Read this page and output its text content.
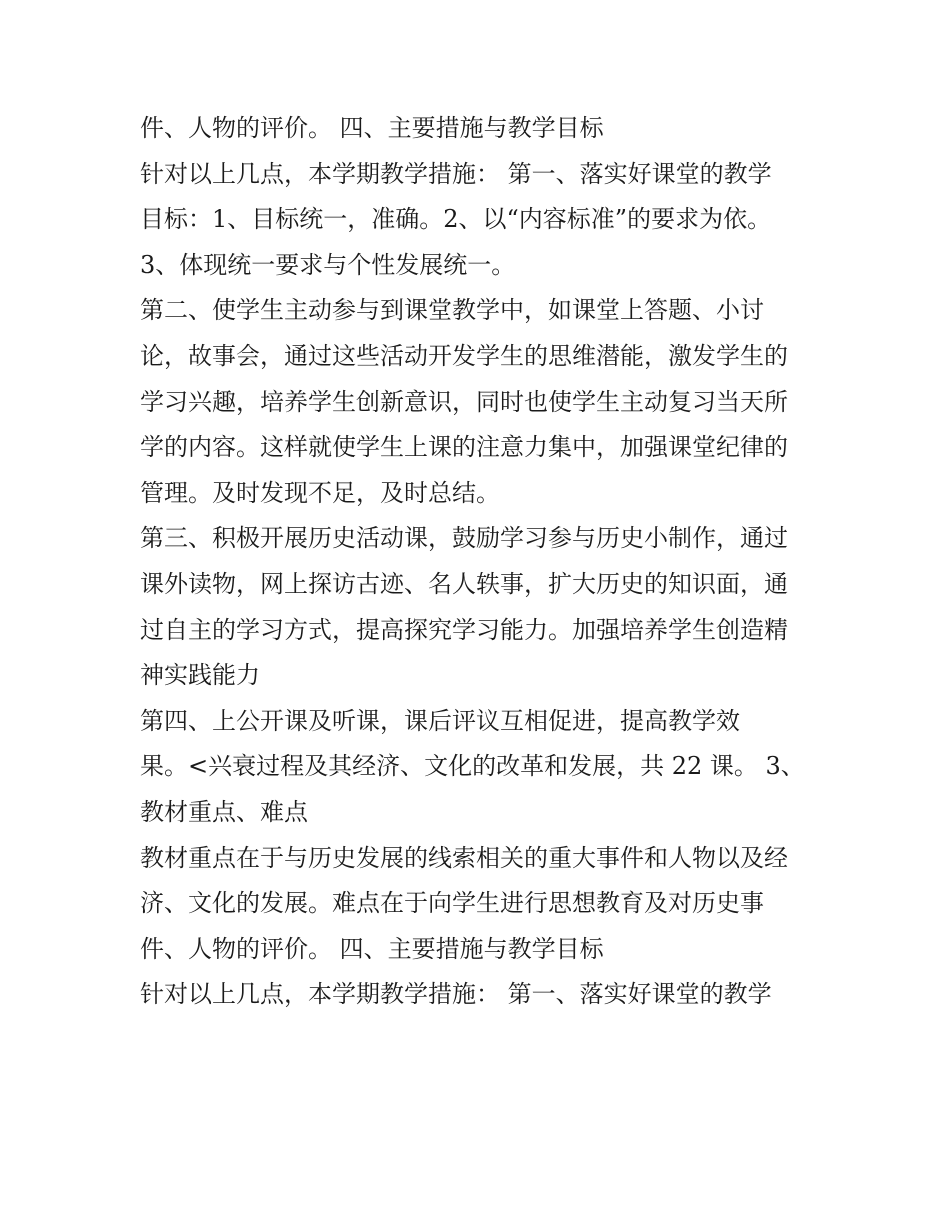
件、人物的评价。 四、主要措施与教学目标
针对以上几点，本学期教学措施： 第一、落实好课堂的教学
目标：1、目标统一，准确。2、以“内容标准”的要求为依。
3、体现统一要求与个性发展统一。
第二、使学生主动参与到课堂教学中，如课堂上答题、小讨
论，故事会，通过这些活动开发学生的思维潜能，激发学生的
学习兴趣，培养学生创新意识，同时也使学生主动复习当天所
学的内容。这样就使学生上课的注意力集中，加强课堂纪律的
管理。及时发现不足，及时总结。
第三、积极开展历史活动课，鼓励学习参与历史小制作，通过
课外读物，网上探访古迹、名人轶事，扩大历史的知识面，通
过自主的学习方式，提高探究学习能力。加强培养学生创造精
神实践能力
第四、上公开课及听课，课后评议互相促进，提高教学效
果。<兴衰过程及其经济、文化的改革和发展，共 22 课。 3、
教材重点、难点
教材重点在于与历史发展的线索相关的重大事件和人物以及经
济、文化的发展。难点在于向学生进行思想教育及对历史事
件、人物的评价。 四、主要措施与教学目标
针对以上几点，本学期教学措施： 第一、落实好课堂的教学
